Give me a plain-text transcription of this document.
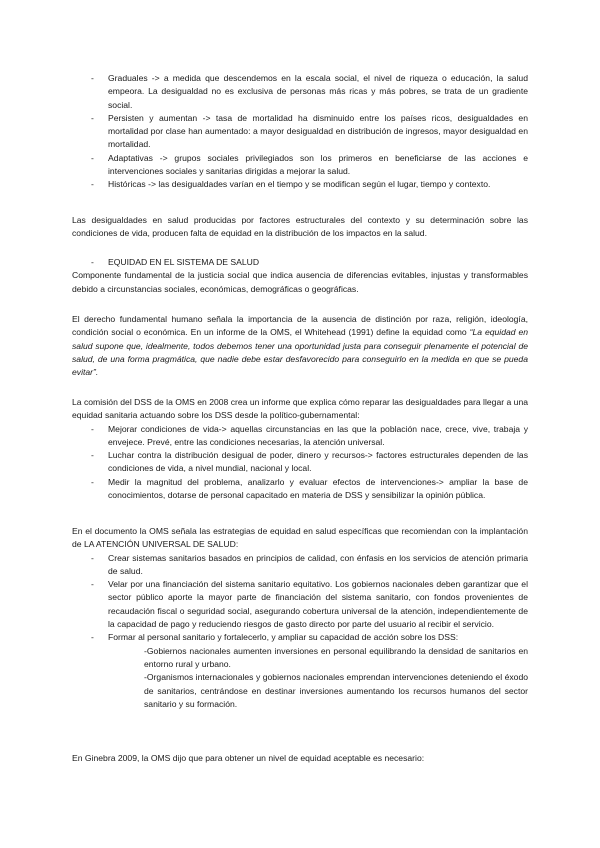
- Graduales -> a medida que descendemos en la escala social, el nivel de riqueza o educación, la salud empeora. La desigualdad no es exclusiva de personas más ricas y más pobres, se trata de un gradiente social.
- Persisten y aumentan -> tasa de mortalidad ha disminuido entre los países ricos, desigualdades en mortalidad por clase han aumentado: a mayor desigualdad en distribución de ingresos, mayor desigualdad en mortalidad.
- Adaptativas -> grupos sociales privilegiados son los primeros en beneficiarse de las acciones e intervenciones sociales y sanitarias dirigidas a mejorar la salud.
- Históricas -> las desigualdades varían en el tiempo y se modifican según el lugar, tiempo y contexto.

Las desigualdades en salud producidas por factores estructurales del contexto y su determinación sobre las condiciones de vida, producen falta de equidad en la distribución de los impactos en la salud.

- EQUIDAD EN EL SISTEMA DE SALUD

Componente fundamental de la justicia social que indica ausencia de diferencias evitables, injustas y transformables debido a circunstancias sociales, económicas, demográficas o geográficas.

El derecho fundamental humano señala la importancia de la ausencia de distinción por raza, religión, ideología, condición social o económica. En un informe de la OMS, el Whitehead (1991) define la equidad como “La equidad en salud supone que, idealmente, todos debemos tener una oportunidad justa para conseguir plenamente el potencial de salud, de una forma pragmática, que nadie debe estar desfavorecido para conseguirlo en la medida en que se pueda evitar”.

La comisión del DSS de la OMS en 2008 crea un informe que explica cómo reparar las desigualdades para llegar a una equidad sanitaria actuando sobre los DSS desde la político-gubernamental:

- Mejorar condiciones de vida-> aquellas circunstancias en las que la población nace, crece, vive, trabaja y envejece. Prevé, entre las condiciones necesarias, la atención universal.
- Luchar contra la distribución desigual de poder, dinero y recursos-> factores estructurales dependen de las condiciones de vida, a nivel mundial, nacional y local.
- Medir la magnitud del problema, analizarlo y evaluar efectos de intervenciones-> ampliar la base de conocimientos, dotarse de personal capacitado en materia de DSS y sensibilizar la opinión pública.

En el documento la OMS señala las estrategias de equidad en salud específicas que recomiendan con la implantación de LA ATENCIÓN UNIVERSAL DE SALUD:

- Crear sistemas sanitarios basados en principios de calidad, con énfasis en los servicios de atención primaria de salud.
- Velar por una financiación del sistema sanitario equitativo. Los gobiernos nacionales deben garantizar que el sector público aporte la mayor parte de financiación del sistema sanitario, con fondos provenientes de recaudación fiscal o seguridad social, asegurando cobertura universal de la atención, independientemente de la capacidad de pago y reduciendo riesgos de gasto directo por parte del usuario al recibir el servicio.
- Formar al personal sanitario y fortalecerlo, y ampliar su capacidad de acción sobre los DSS:

-Gobiernos nacionales aumenten inversiones en personal equilibrando la densidad de sanitarios en entorno rural y urbano.

-Organismos internacionales y gobiernos nacionales emprendan intervenciones deteniendo el éxodo de sanitarios, centrándose en destinar inversiones aumentando los recursos humanos del sector sanitario y su formación.

En Ginebra 2009, la OMS dijo que para obtener un nivel de equidad aceptable es necesario:
